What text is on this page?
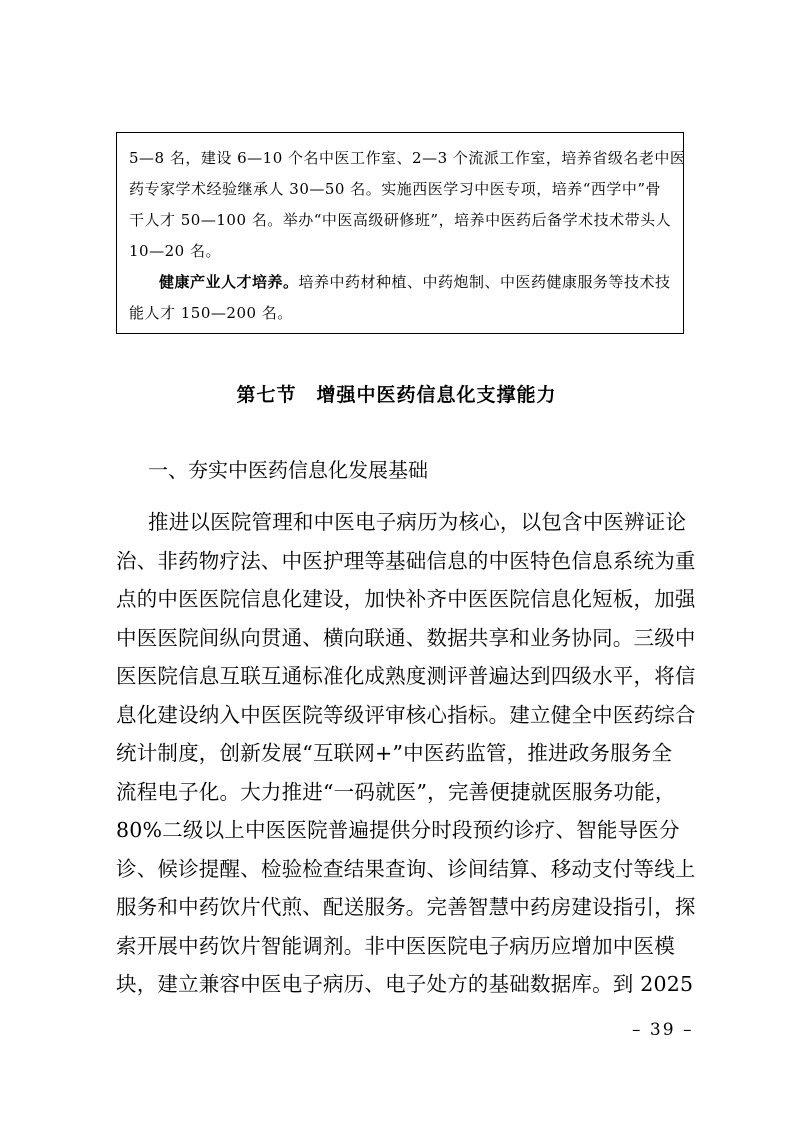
5—8 名，建设 6—10 个名中医工作室、2—3 个流派工作室，培养省级名老中医
药专家学术经验继承人 30—50 名。实施西医学习中医专项，培养“西学中”骨
干人才 50—100 名。举办“中医高级研修班”，培养中医药后备学术技术带头人
10—20 名。
健康产业人才培养。培养中药材种植、中药炮制、中医药健康服务等技术技
能人才 150—200 名。
第七节　增强中医药信息化支撑能力
一、夯实中医药信息化发展基础
推进以医院管理和中医电子病历为核心，以包含中医辨证论
治、非药物疗法、中医护理等基础信息的中医特色信息系统为重
点的中医医院信息化建设，加快补齐中医医院信息化短板，加强
中医医院间纵向贯通、横向联通、数据共享和业务协同。三级中
医医院信息互联互通标准化成熟度测评普遍达到四级水平，将信
息化建设纳入中医医院等级评审核心指标。建立健全中医药综合
统计制度，创新发展“互联网+”中医药监管，推进政务服务全
流程电子化。大力推进“一码就医”，完善便捷就医服务功能，
80%二级以上中医医院普遍提供分时段预约诊疗、智能导医分
诊、候诊提醒、检验检查结果查询、诊间结算、移动支付等线上
服务和中药饮片代煎、配送服务。完善智慧中药房建设指引，探
索开展中药饮片智能调剂。非中医医院电子病历应增加中医模
块，建立兼容中医电子病历、电子处方的基础数据库。到 2025
– 39 –
